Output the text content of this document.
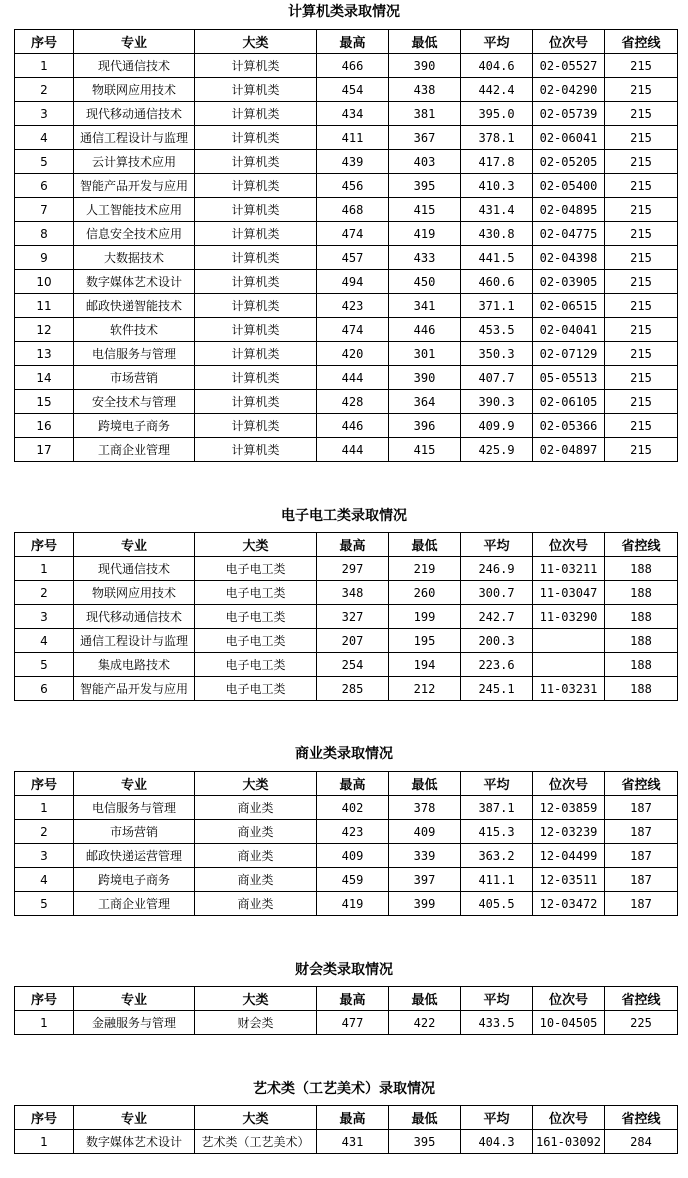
计算机类录取情况
序号	专业	大类	最高	最低	平均	位次号	省控线
1	现代通信技术	计算机类	466	390	404.6	02-05527	215
2	物联网应用技术	计算机类	454	438	442.4	02-04290	215
3	现代移动通信技术	计算机类	434	381	395.0	02-05739	215
4	通信工程设计与监理	计算机类	411	367	378.1	02-06041	215
5	云计算技术应用	计算机类	439	403	417.8	02-05205	215
6	智能产品开发与应用	计算机类	456	395	410.3	02-05400	215
7	人工智能技术应用	计算机类	468	415	431.4	02-04895	215
8	信息安全技术应用	计算机类	474	419	430.8	02-04775	215
9	大数据技术	计算机类	457	433	441.5	02-04398	215
10	数字媒体艺术设计	计算机类	494	450	460.6	02-03905	215
11	邮政快递智能技术	计算机类	423	341	371.1	02-06515	215
12	软件技术	计算机类	474	446	453.5	02-04041	215
13	电信服务与管理	计算机类	420	301	350.3	02-07129	215
14	市场营销	计算机类	444	390	407.7	05-05513	215
15	安全技术与管理	计算机类	428	364	390.3	02-06105	215
16	跨境电子商务	计算机类	446	396	409.9	02-05366	215
17	工商企业管理	计算机类	444	415	425.9	02-04897	215
电子电工类录取情况
序号	专业	大类	最高	最低	平均	位次号	省控线
1	现代通信技术	电子电工类	297	219	246.9	11-03211	188
2	物联网应用技术	电子电工类	348	260	300.7	11-03047	188
3	现代移动通信技术	电子电工类	327	199	242.7	11-03290	188
4	通信工程设计与监理	电子电工类	207	195	200.3		188
5	集成电路技术	电子电工类	254	194	223.6		188
6	智能产品开发与应用	电子电工类	285	212	245.1	11-03231	188
商业类录取情况
序号	专业	大类	最高	最低	平均	位次号	省控线
1	电信服务与管理	商业类	402	378	387.1	12-03859	187
2	市场营销	商业类	423	409	415.3	12-03239	187
3	邮政快递运营管理	商业类	409	339	363.2	12-04499	187
4	跨境电子商务	商业类	459	397	411.1	12-03511	187
5	工商企业管理	商业类	419	399	405.5	12-03472	187
财会类录取情况
序号	专业	大类	最高	最低	平均	位次号	省控线
1	金融服务与管理	财会类	477	422	433.5	10-04505	225
艺术类（工艺美术）录取情况
序号	专业	大类	最高	最低	平均	位次号	省控线
1	数字媒体艺术设计	艺术类（工艺美术）	431	395	404.3	161-03092	284
